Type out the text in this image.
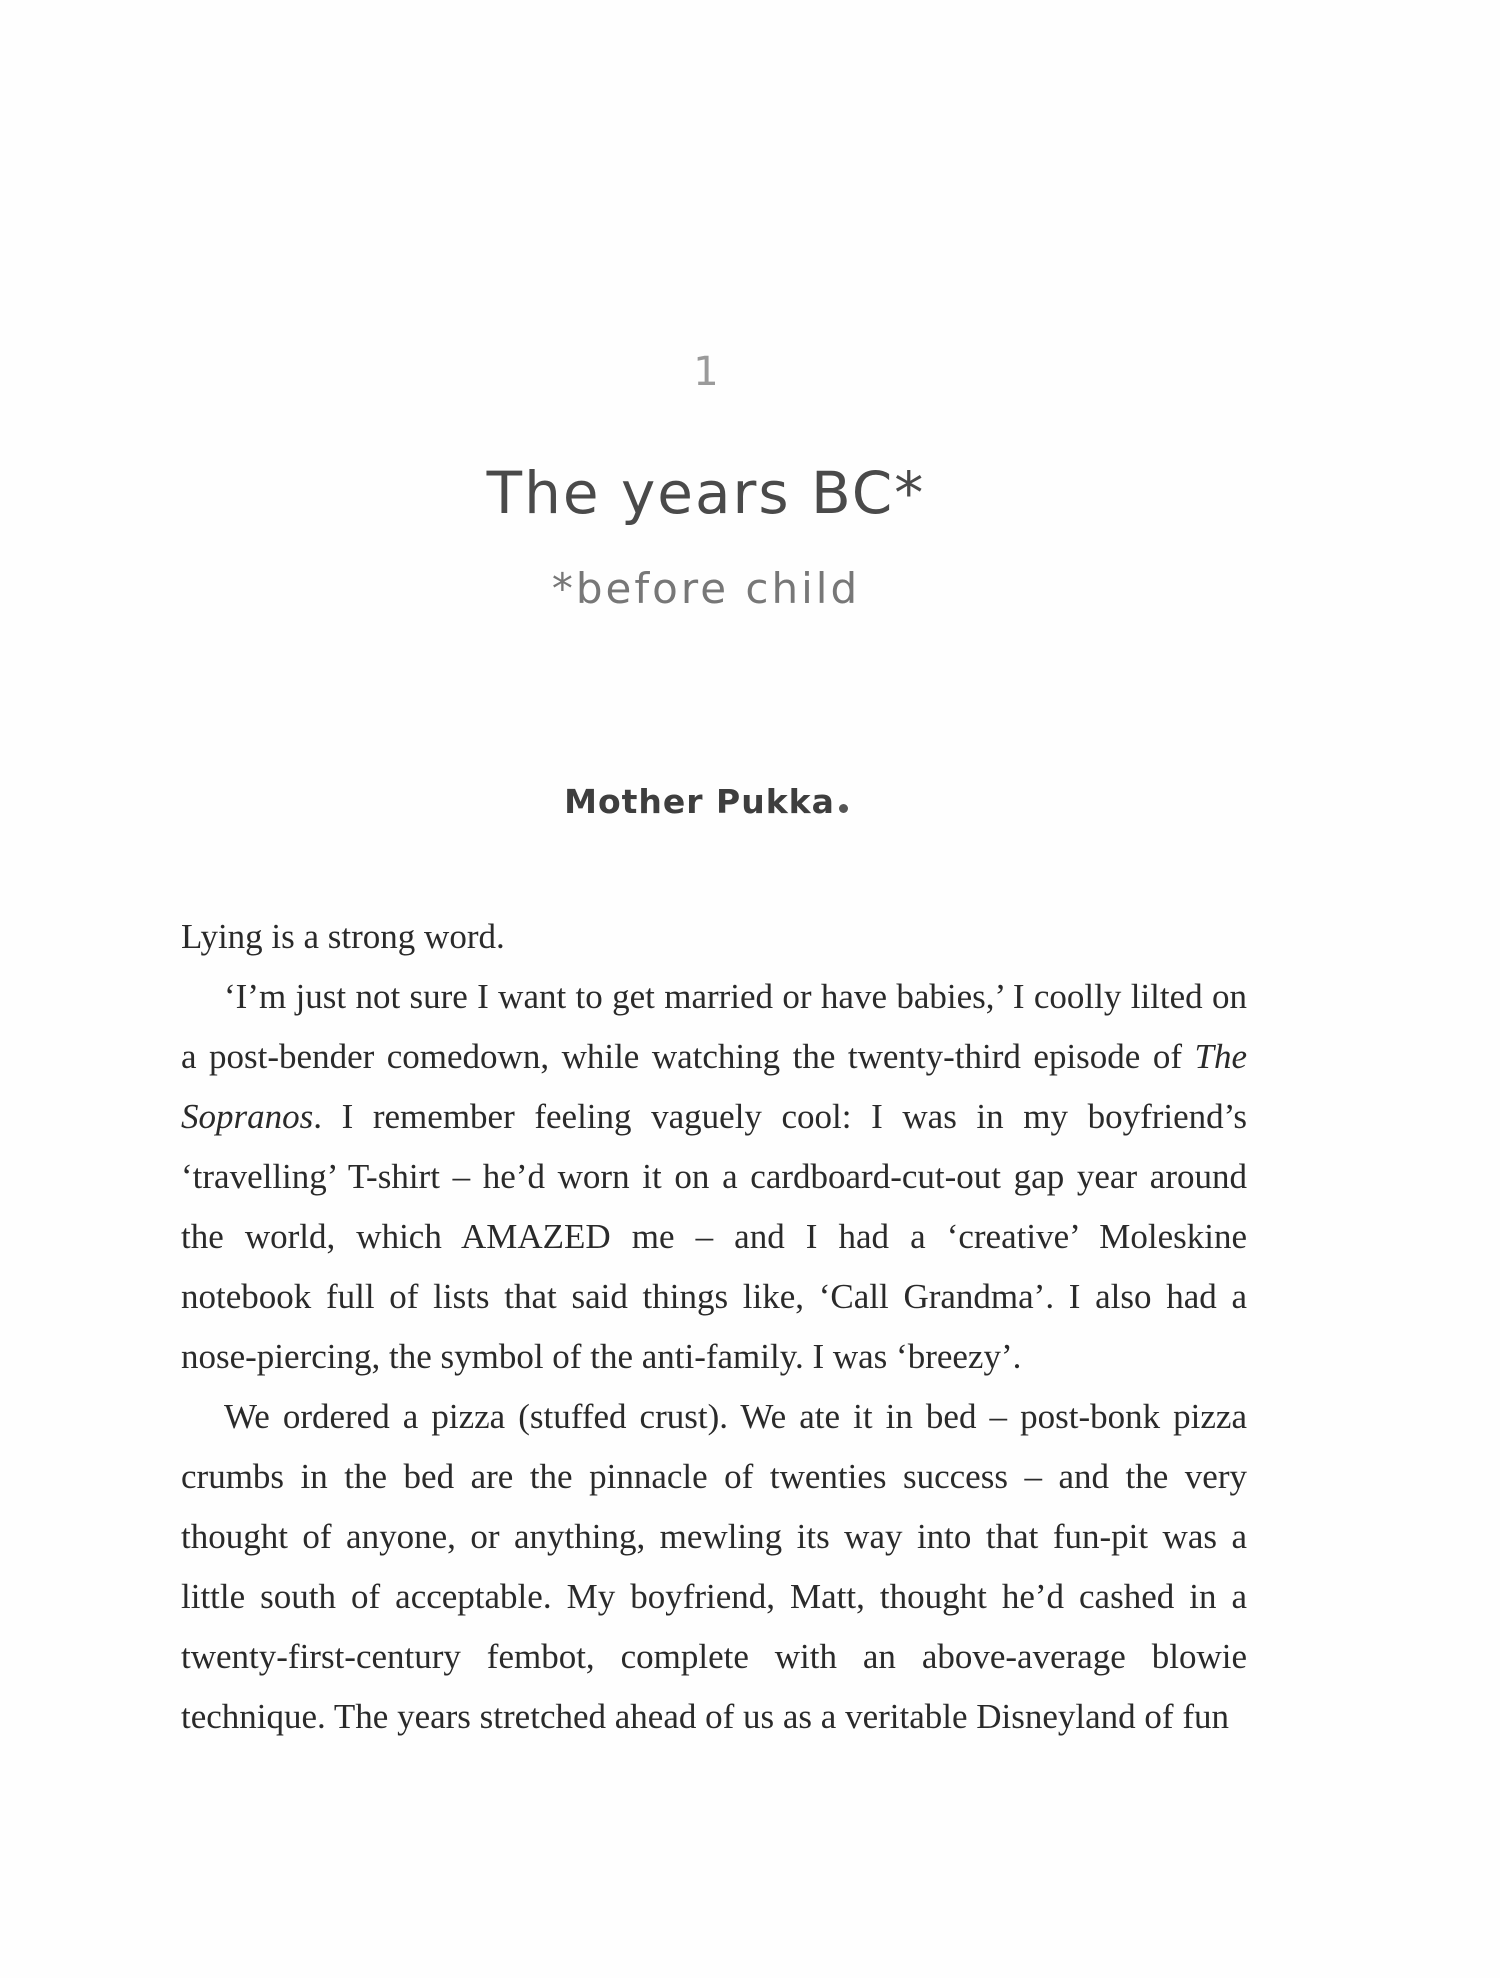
1
The years BC*
*before child
Mother Pukka

Lying is a strong word.

‘I’m just not sure I want to get married or have babies,’ I coolly lilted on a post-bender comedown, while watching the twenty-third episode of The Sopranos. I remember feeling vaguely cool: I was in my boyfriend’s ‘travelling’ T-shirt – he’d worn it on a cardboard-cut-out gap year around the world, which AMAZED me – and I had a ‘creative’ Moleskine notebook full of lists that said things like, ‘Call Grandma’. I also had a nose-piercing, the symbol of the anti-family. I was ‘breezy’.

We ordered a pizza (stuffed crust). We ate it in bed – post-bonk pizza crumbs in the bed are the pinnacle of twenties success – and the very thought of anyone, or anything, mewling its way into that fun-pit was a little south of acceptable. My boyfriend, Matt, thought he’d cashed in a twenty-first-century fembot, complete with an above-average blowie technique. The years stretched ahead of us as a veritable Disneyland of fun
